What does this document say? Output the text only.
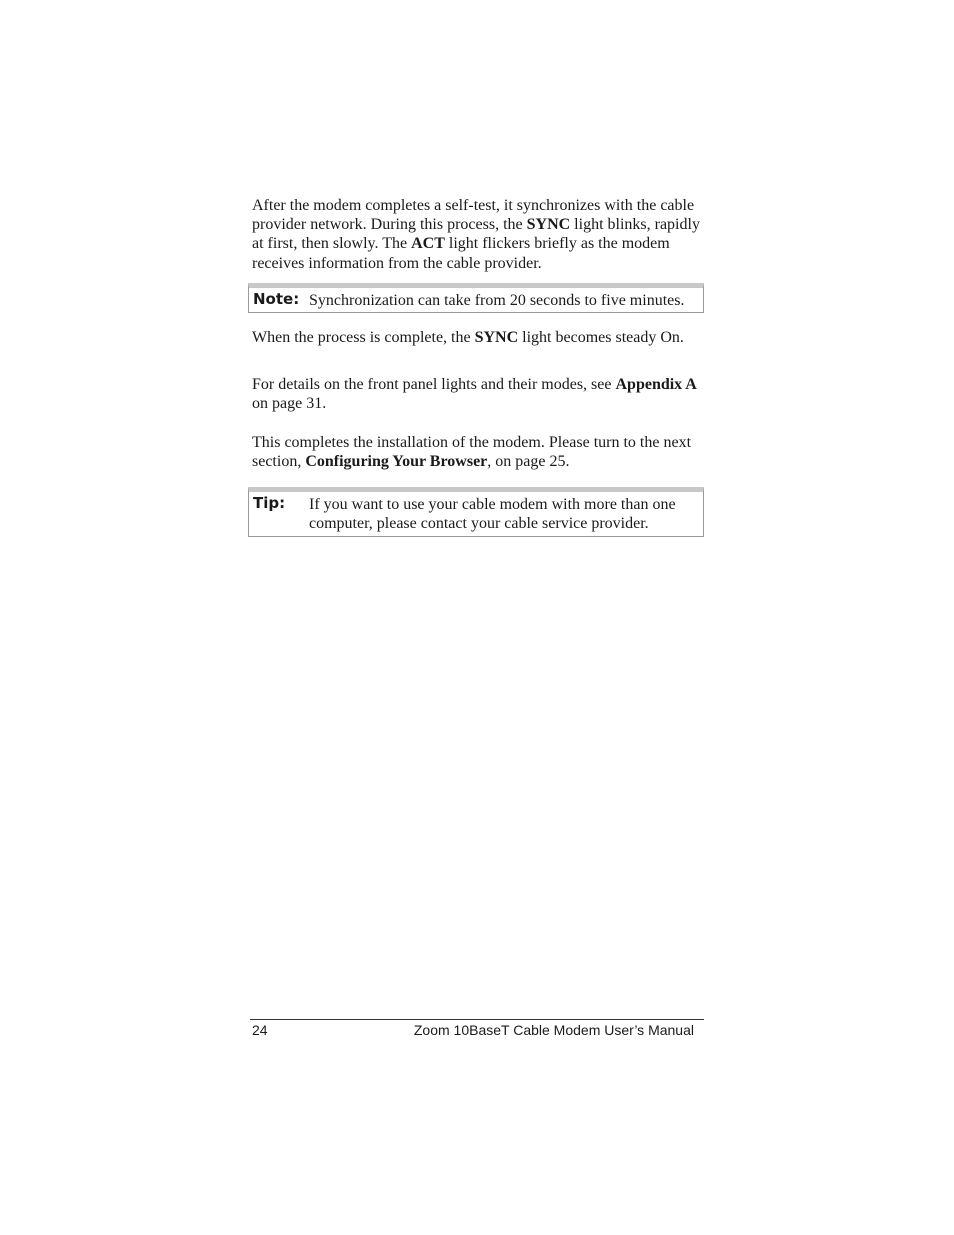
After the modem completes a self-test, it synchronizes with the cable provider network. During this process, the SYNC light blinks, rapidly at first, then slowly. The ACT light flickers briefly as the modem receives information from the cable provider.

Note: Synchronization can take from 20 seconds to five minutes.

When the process is complete, the SYNC light becomes steady On.

For details on the front panel lights and their modes, see Appendix A on page 31.

This completes the installation of the modem. Please turn to the next section, Configuring Your Browser, on page 25.

Tip: If you want to use your cable modem with more than one computer, please contact your cable service provider.
24	Zoom 10BaseT Cable Modem User’s Manual
